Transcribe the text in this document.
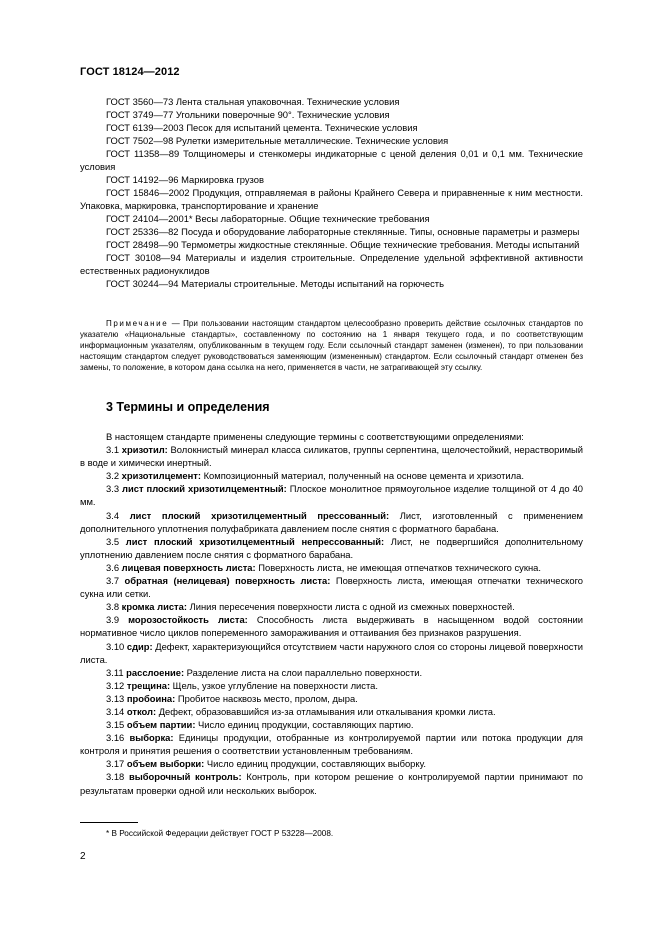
ГОСТ 18124—2012

ГОСТ 3560—73 Лента стальная упаковочная. Технические условия

ГОСТ 3749—77 Угольники поверочные 90°. Технические условия

ГОСТ 6139—2003 Песок для испытаний цемента. Технические условия

ГОСТ 7502—98 Рулетки измерительные металлические. Технические условия

ГОСТ 11358—89 Толщиномеры и стенкомеры индикаторные с ценой деления 0,01 и 0,1 мм. Технические условия

ГОСТ 14192—96 Маркировка грузов

ГОСТ 15846—2002 Продукция, отправляемая в районы Крайнего Севера и приравненные к ним местности. Упаковка, маркировка, транспортирование и хранение

ГОСТ 24104—2001* Весы лабораторные. Общие технические требования

ГОСТ 25336—82 Посуда и оборудование лабораторные стеклянные. Типы, основные параметры и размеры

ГОСТ 28498—90 Термометры жидкостные стеклянные. Общие технические требования. Методы испытаний

ГОСТ 30108—94 Материалы и изделия строительные. Определение удельной эффективной активности естественных радионуклидов

ГОСТ 30244—94 Материалы строительные. Методы испытаний на горючесть

Примечание — При пользовании настоящим стандартом целесообразно проверить действие ссылочных стандартов по указателю «Национальные стандарты», составленному по состоянию на 1 января текущего года, и по соответствующим информационным указателям, опубликованным в текущем году. Если ссылочный стандарт заменен (изменен), то при пользовании настоящим стандартом следует руководствоваться заменяющим (измененным) стандартом. Если ссылочный стандарт отменен без замены, то положение, в котором дана ссылка на него, применяется в части, не затрагивающей эту ссылку.

3 Термины и определения

В настоящем стандарте применены следующие термины с соответствующими определениями:

3.1 хризотил: Волокнистый минерал класса силикатов, группы серпентина, щелочестойкий, нерастворимый в воде и химически инертный.

3.2 хризотилцемент: Композиционный материал, полученный на основе цемента и хризотила.

3.3 лист плоский хризотилцементный: Плоское монолитное прямоугольное изделие толщиной от 4 до 40 мм.

3.4 лист плоский хризотилцементный прессованный: Лист, изготовленный с применением дополнительного уплотнения полуфабриката давлением после снятия с форматного барабана.

3.5 лист плоский хризотилцементный непрессованный: Лист, не подвергшийся дополнительному уплотнению давлением после снятия с форматного барабана.

3.6 лицевая поверхность листа: Поверхность листа, не имеющая отпечатков технического сукна.

3.7 обратная (нелицевая) поверхность листа: Поверхность листа, имеющая отпечатки технического сукна или сетки.

3.8 кромка листа: Линия пересечения поверхности листа с одной из смежных поверхностей.

3.9 морозостойкость листа: Способность листа выдерживать в насыщенном водой состоянии нормативное число циклов попеременного замораживания и оттаивания без признаков разрушения.

3.10 сдир: Дефект, характеризующийся отсутствием части наружного слоя со стороны лицевой поверхности листа.

3.11 расслоение: Разделение листа на слои параллельно поверхности.

3.12 трещина: Щель, узкое углубление на поверхности листа.

3.13 пробоина: Пробитое насквозь место, пролом, дыра.

3.14 откол: Дефект, образовавшийся из-за отламывания или откалывания кромки листа.

3.15 объем партии: Число единиц продукции, составляющих партию.

3.16 выборка: Единицы продукции, отобранные из контролируемой партии или потока продукции для контроля и принятия решения о соответствии установленным требованиям.

3.17 объем выборки: Число единиц продукции, составляющих выборку.

3.18 выборочный контроль: Контроль, при котором решение о контролируемой партии принимают по результатам проверки одной или нескольких выборок.

* В Российской Федерации действует ГОСТ Р 53228—2008.
2
